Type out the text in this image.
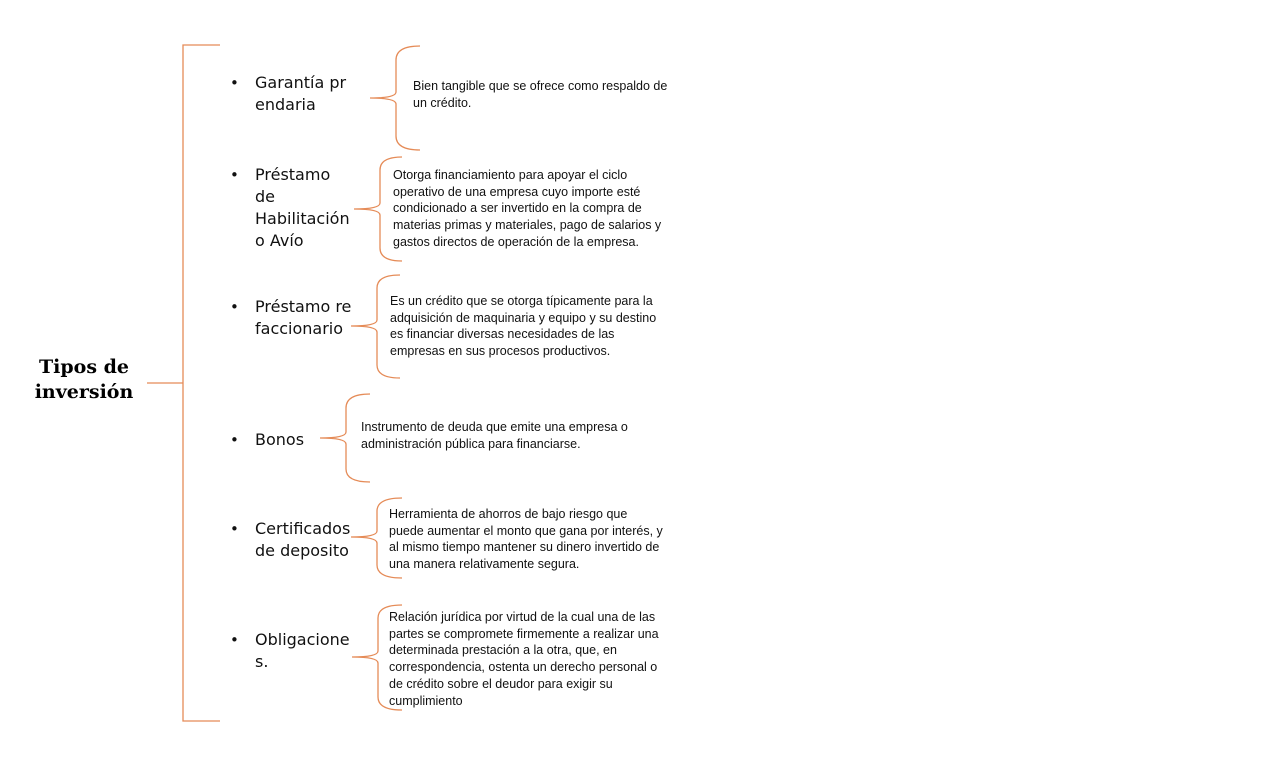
Tipos de
inversión
• Garantía prendaria
Bien tangible que se ofrece como respaldo de un crédito.
• Préstamo de Habilitación o Avío
Otorga financiamiento para apoyar el ciclo operativo de una empresa cuyo importe esté condicionado a ser invertido en la compra de materias primas y materiales, pago de salarios y gastos directos de operación de la empresa.
• Préstamo refaccionario
Es un crédito que se otorga típicamente para la adquisición de maquinaria y equipo y su destino es financiar diversas necesidades de las empresas en sus procesos productivos.
• Bonos
Instrumento de deuda que emite una empresa o administración pública para financiarse.
• Certificados de deposito
Herramienta de ahorros de bajo riesgo que puede aumentar el monto que gana por interés, y al mismo tiempo mantener su dinero invertido de una manera relativamente segura.
• Obligaciones.
Relación jurídica por virtud de la cual una de las partes se compromete firmemente a realizar una determinada prestación a la otra, que, en correspondencia, ostenta un derecho personal o de crédito sobre el deudor para exigir su cumplimiento
